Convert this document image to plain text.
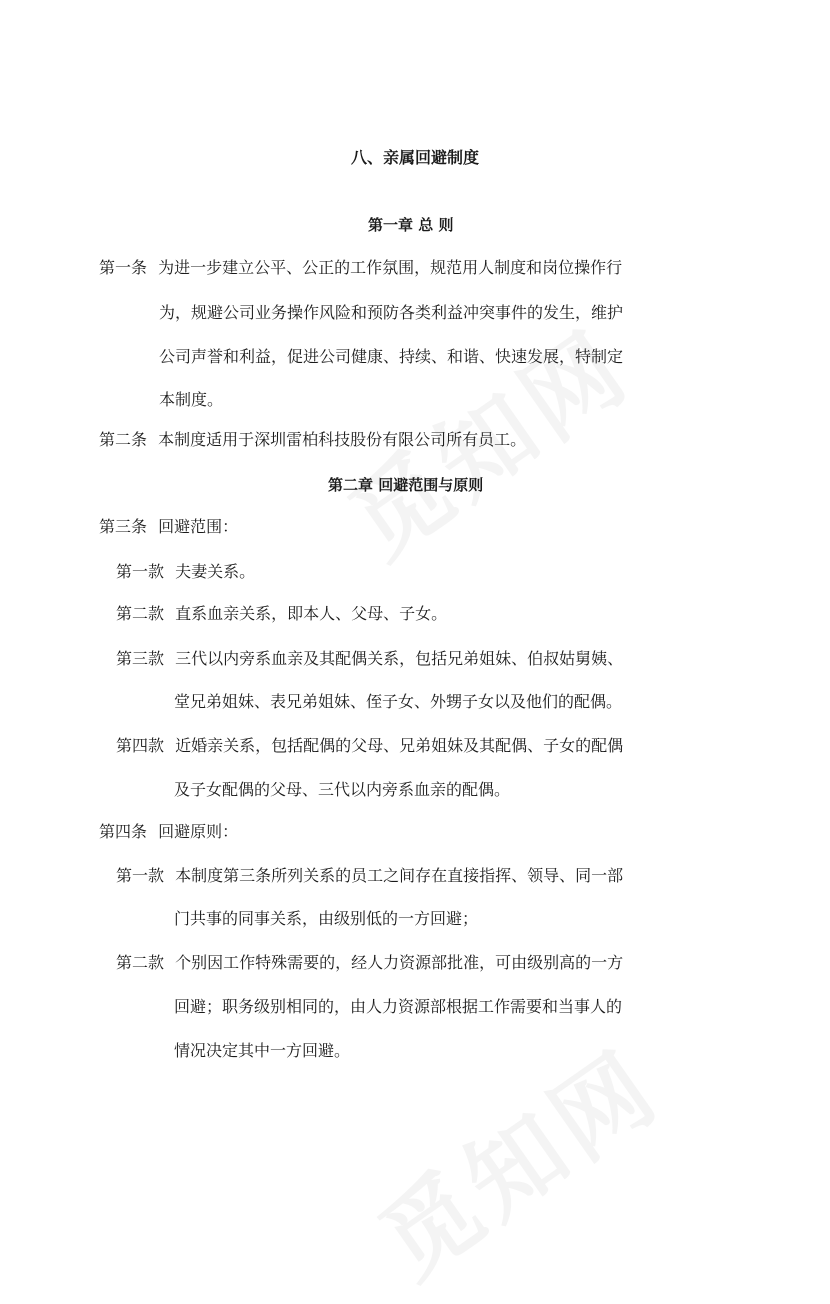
八、亲属回避制度
第一章 总 则
第一条 为进一步建立公平、公正的工作氛围，规范用人制度和岗位操作行
为，规避公司业务操作风险和预防各类利益冲突事件的发生，维护
公司声誉和利益，促进公司健康、持续、和谐、快速发展，特制定
本制度。
第二条 本制度适用于深圳雷柏科技股份有限公司所有员工。
第二章 回避范围与原则
第三条 回避范围：
第一款 夫妻关系。
第二款 直系血亲关系，即本人、父母、子女。
第三款 三代以内旁系血亲及其配偶关系，包括兄弟姐妹、伯叔姑舅姨、
堂兄弟姐妹、表兄弟姐妹、侄子女、外甥子女以及他们的配偶。
第四款 近婚亲关系，包括配偶的父母、兄弟姐妹及其配偶、子女的配偶
及子女配偶的父母、三代以内旁系血亲的配偶。
第四条 回避原则：
第一款 本制度第三条所列关系的员工之间存在直接指挥、领导、同一部
门共事的同事关系，由级别低的一方回避；
第二款 个别因工作特殊需要的，经人力资源部批准，可由级别高的一方
回避；职务级别相同的，由人力资源部根据工作需要和当事人的
情况决定其中一方回避。
